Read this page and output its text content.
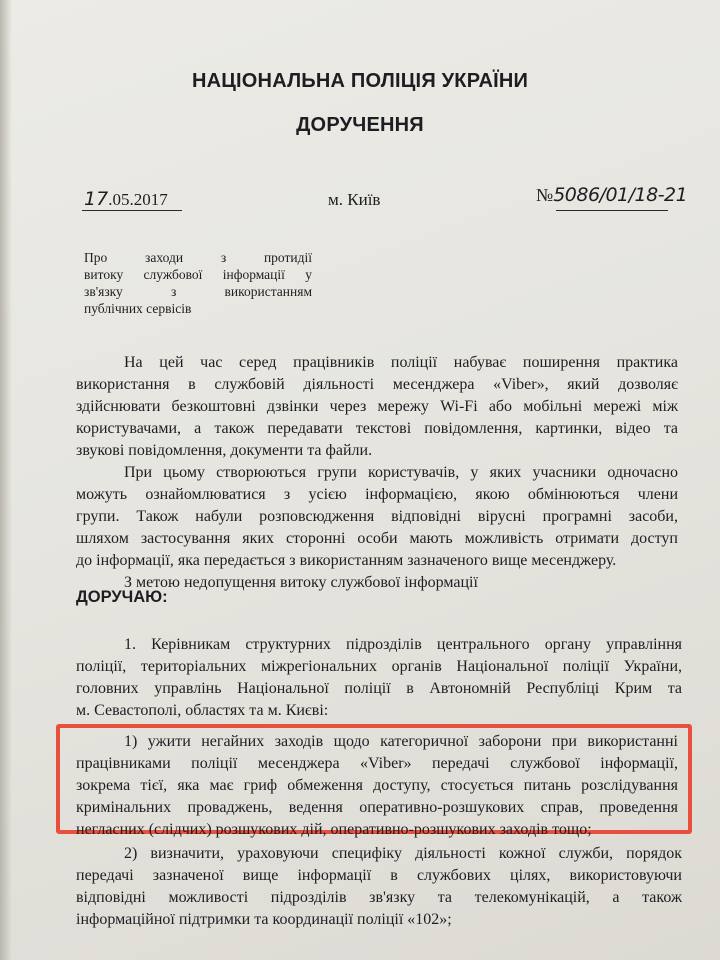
НАЦІОНАЛЬНА ПОЛІЦІЯ УКРАЇНИ
ДОРУЧЕННЯ
17.05.2017	м. Київ	№5086/01/18-21
Про заходи з протидії
витоку службової інформації у
зв'язку з використанням
публічних сервісів
На цей час серед працівників поліції набуває поширення практика
використання в службовій діяльності месенджера «Viber», який дозволяє
здійснювати безкоштовні дзвінки через мережу Wi-Fi або мобільні мережі між
користувачами, а також передавати текстові повідомлення, картинки, відео та
звукові повідомлення, документи та файли.
При цьому створюються групи користувачів, у яких учасники одночасно
можуть ознайомлюватися з усією інформацією, якою обмінюються члени
групи. Також набули розповсюдження відповідні вірусні програмні засоби,
шляхом застосування яких сторонні особи мають можливість отримати доступ
до інформації, яка передається з використанням зазначеного вище месенджеру.
З метою недопущення витоку службової інформації
ДОРУЧАЮ:
1. Керівникам структурних підрозділів центрального органу управління
поліції, територіальних міжрегіональних органів Національної поліції України,
головних управлінь Національної поліції в Автономній Республіці Крим та
м. Севастополі, областях та м. Києві:
1) ужити негайних заходів щодо категоричної заборони при використанні
працівниками поліції месенджера «Viber» передачі службової інформації,
зокрема тієї, яка має гриф обмеження доступу, стосується питань розслідування
кримінальних проваджень, ведення оперативно-розшукових справ, проведення
негласних (слідчих) розшукових дій, оперативно-розшукових заходів тощо;
2) визначити, ураховуючи специфіку діяльності кожної служби, порядок
передачі зазначеної вище інформації в службових цілях, використовуючи
відповідні можливості підрозділів зв'язку та телекомунікацій, а також
інформаційної підтримки та координації поліції «102»;
